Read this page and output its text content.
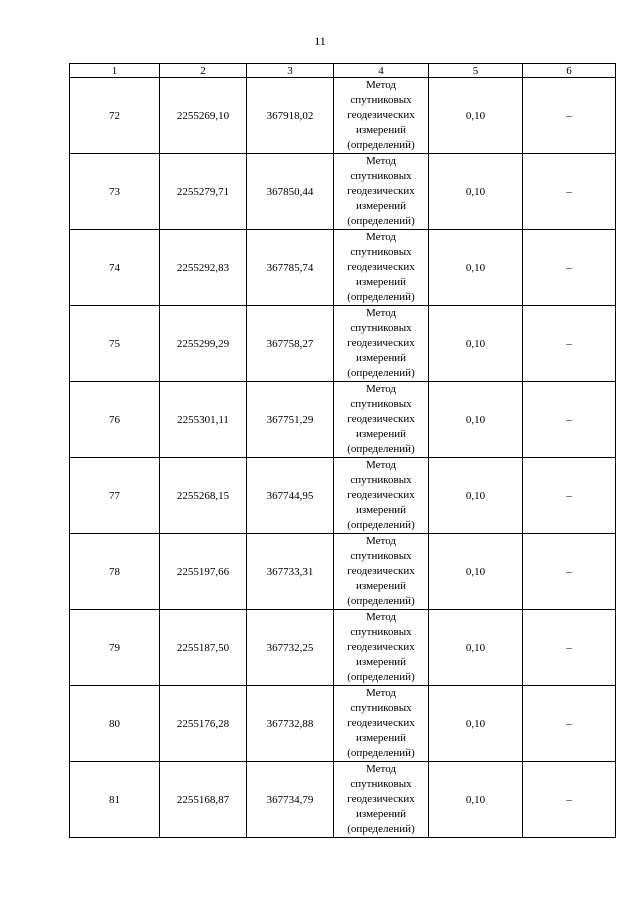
11
1	2	3	4	5	6
72	2255269,10	367918,02	Метод
спутниковых
геодезических
измерений
(определений)	0,10	–
73	2255279,71	367850,44	Метод
спутниковых
геодезических
измерений
(определений)	0,10	–
74	2255292,83	367785,74	Метод
спутниковых
геодезических
измерений
(определений)	0,10	–
75	2255299,29	367758,27	Метод
спутниковых
геодезических
измерений
(определений)	0,10	–
76	2255301,11	367751,29	Метод
спутниковых
геодезических
измерений
(определений)	0,10	–
77	2255268,15	367744,95	Метод
спутниковых
геодезических
измерений
(определений)	0,10	–
78	2255197,66	367733,31	Метод
спутниковых
геодезических
измерений
(определений)	0,10	–
79	2255187,50	367732,25	Метод
спутниковых
геодезических
измерений
(определений)	0,10	–
80	2255176,28	367732,88	Метод
спутниковых
геодезических
измерений
(определений)	0,10	–
81	2255168,87	367734,79	Метод
спутниковых
геодезических
измерений
(определений)	0,10	–
